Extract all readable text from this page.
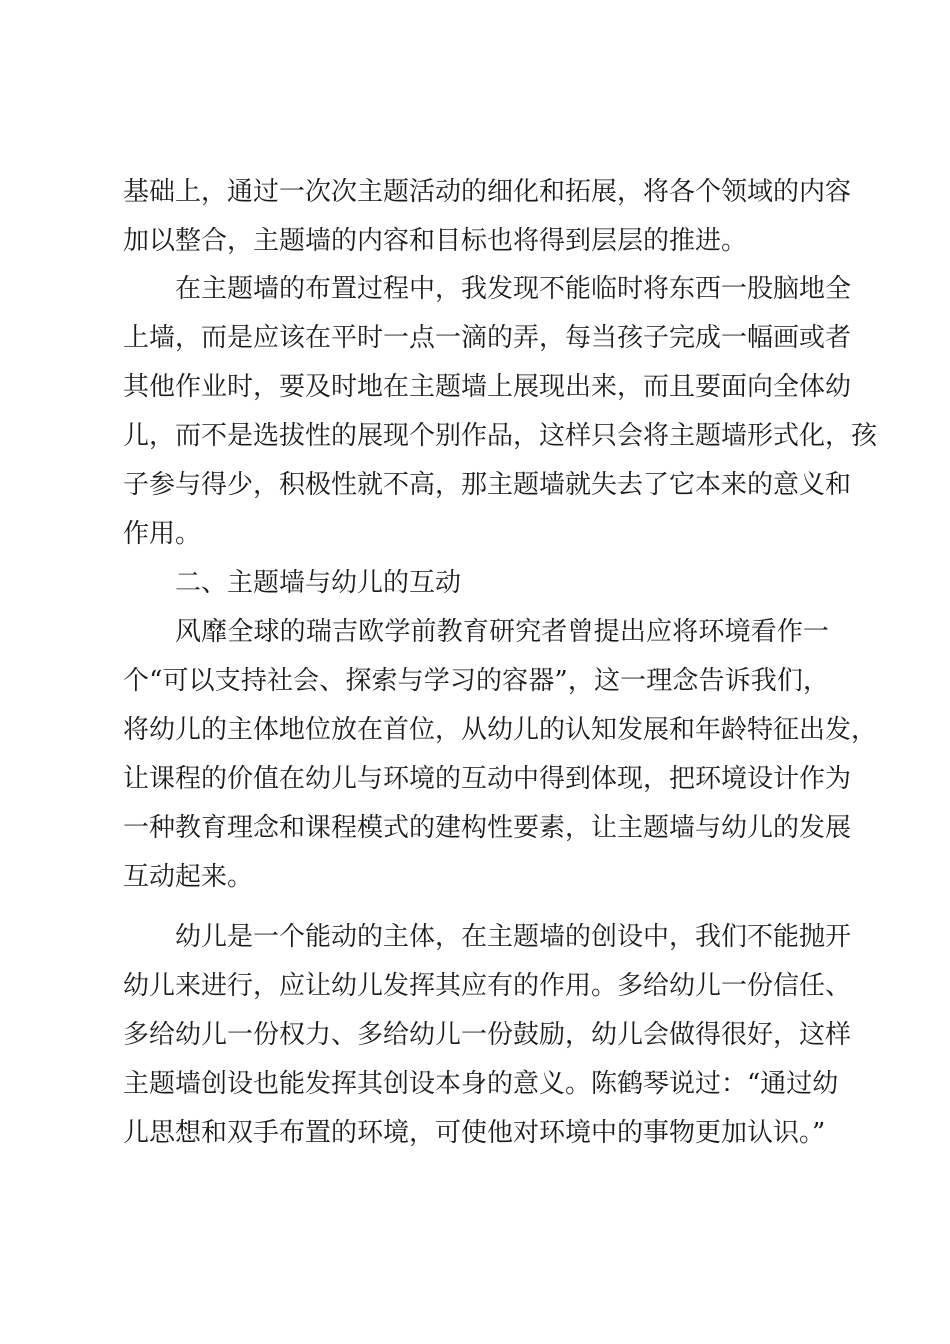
基础上，通过一次次主题活动的细化和拓展，将各个领域的内容
加以整合，主题墙的内容和目标也将得到层层的推进。
在主题墙的布置过程中，我发现不能临时将东西一股脑地全
上墙，而是应该在平时一点一滴的弄，每当孩子完成一幅画或者
其他作业时，要及时地在主题墙上展现出来，而且要面向全体幼
儿，而不是选拔性的展现个别作品，这样只会将主题墙形式化，孩
子参与得少，积极性就不高，那主题墙就失去了它本来的意义和
作用。
二、主题墙与幼儿的互动
风靡全球的瑞吉欧学前教育研究者曾提出应将环境看作一
个“可以支持社会、探索与学习的容器”，这一理念告诉我们，
将幼儿的主体地位放在首位，从幼儿的认知发展和年龄特征出发，
让课程的价值在幼儿与环境的互动中得到体现，把环境设计作为
一种教育理念和课程模式的建构性要素，让主题墙与幼儿的发展
互动起来。
幼儿是一个能动的主体，在主题墙的创设中，我们不能抛开
幼儿来进行，应让幼儿发挥其应有的作用。多给幼儿一份信任、
多给幼儿一份权力、多给幼儿一份鼓励，幼儿会做得很好，这样
主题墙创设也能发挥其创设本身的意义。陈鹤琴说过：“通过幼
儿思想和双手布置的环境，可使他对环境中的事物更加认识。”
